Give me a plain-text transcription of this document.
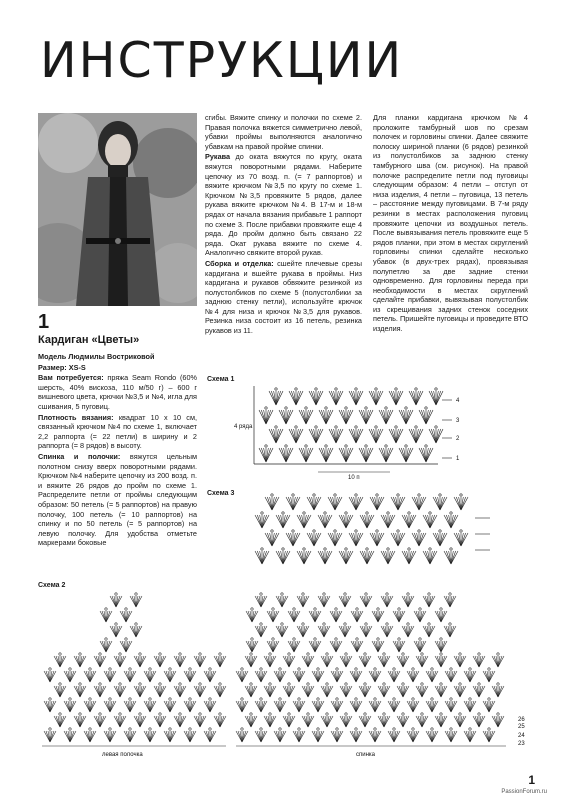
ИНСТРУКЦИИ
1
Кардиган «Цветы»

Модель Людмилы Востриковой

Размер: XS-S

Вам потребуется: пряжа Seam Rondo (60% шерсть, 40% вискоза, 110 м/50 г) – 600 г вишневого цвета, крючки №3,5 и №4, игла для сшивания, 5 пуговиц.

Плотность вязания: квадрат 10 х 10 см, связанный крючком №4 по схеме 1, включает 2,2 раппорта (= 22 петли) в ширину и 2 раппорта (= 8 рядов) в высоту.

Спинка и полочки: вяжутся цельным полотном снизу вверх поворотными рядами. Крючком №4 наберите цепочку из 200 возд. п. и вяжите 26 рядов до пройм по схеме 1. Распределите петли от проймы следующим образом: 50 петель (= 5 раппортов) на правую полочку, 100 петель (= 10 раппортов) на спинку и по 50 петель (= 5 раппортов) на левую полочку. Для удобства отметьте маркерами боковые

сгибы. Вяжите спинку и полочки по схеме 2. Правая полочка вяжется симметрично левой, убавки проймы выполняются аналогично убавкам на правой пройме спинки.

Рукава до оката вяжутся по кругу, оката вяжутся поворотными рядами. Наберите цепочку из 70 возд. п. (= 7 раппортов) и вяжите крючком №3,5 по кругу по схеме 1. Крючком №3,5 провяжите 5 рядов, далее рукава вяжите крючком №4. В 17-м и 18-м рядах от начала вязания прибавьте 1 раппорт по схеме 3. После прибавки провяжите еще 4 ряда. До пройм должно быть связано 22 ряда. Окат рукава вяжите по схеме 4. Аналогично свяжите второй рукав.

Сборка и отделка: сшейте плечевые срезы кардигана и вшейте рукава в проймы. Низ кардигана и рукавов обвяжите резинкой из полустолбиков по схеме 5 (полустолбики за заднюю стенку петли), используйте крючок №4 для низа и крючок №3,5 для рукавов. Резинка низа состоит из 16 петель, резинка рукавов из 11.

Для планки кардигана крючком №4 проложите тамбурный шов по срезам полочек и горловины спинки. Далее свяжите полоску шириной планки (6 рядов) резинкой из полустолбиков за заднюю стенку тамбурного шва (см. рисунок). На правой полочке распределите петли под пуговицы следующим образом: 4 петли – отступ от низа изделия, 4 петли – пуговица, 13 петель – расстояние между пуговицами. В 7-м ряду резинки в местах расположения пуговиц провяжите цепочки из воздушных петель. После вывязывания петель провяжите еще 5 рядов планки, при этом в местах скруглений горловины спинки сделайте несколько убавок (в двух-трех рядах), провязывая полупетлю за две задние стенки одновременно. Для горловины переда при необходимости в местах скруглений сделайте прибавки, вывязывая полустолбик из скрещивания задних стенок соседних петель. Пришейте пуговицы и проведите ВТО изделия.

Схема 1
4 ряда
10 п
4
3
2
1
Схема 3
Схема 2
левая полочка	спинка
26
25
24
23
1
PassionForum.ru
